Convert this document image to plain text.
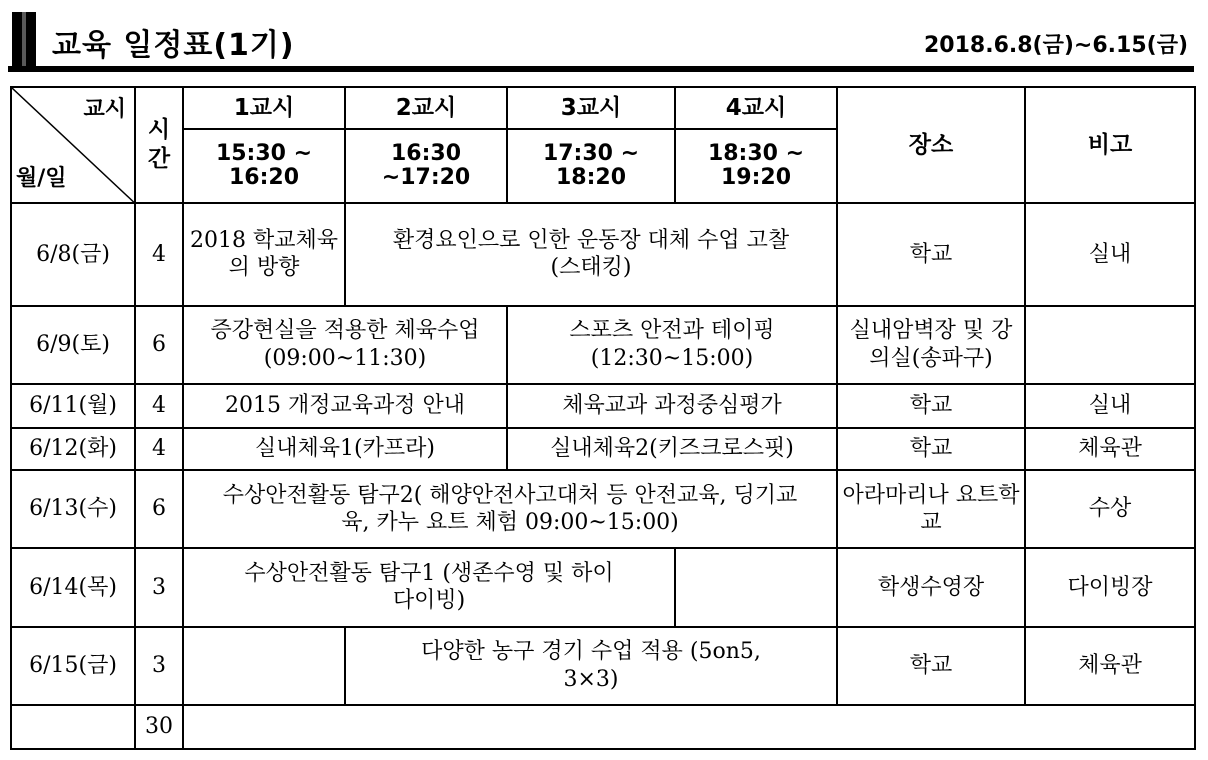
교육 일정표(1기)	2018.6.8(금)~6.15(금)
교시
월/일	시간	1교시	2교시	3교시	4교시	장소	비고
		15:30 ~ 16:20	16:30 ~17:20	17:30 ~ 18:20	18:30 ~ 19:20		
6/8(금)	4	2018 학교체육의 방향	환경요인으로 인한 운동장 대체 수업 고찰(스태킹)			학교	실내
6/9(토)	6	증강현실을 적용한 체육수업(09:00~11:30)		스포츠 안전과 테이핑 (12:30~15:00)		실내암벽장 및 강의실(송파구)	
6/11(월)	4	2015 개정교육과정 안내		체육교과 과정중심평가		학교	실내
6/12(화)	4	실내체육1(카프라)		실내체육2(키즈크로스핏)		학교	체육관
6/13(수)	6	수상안전활동 탐구2( 해양안전사고대처 등 안전교육, 딩기교육, 카누 요트 체험 09:00~15:00)				아라마리나 요트학교	수상
6/14(목)	3	수상안전활동 탐구1 (생존수영 및 하이다이빙)				학생수영장	다이빙장
6/15(금)	3		다양한 농구 경기 수업 적용 (5on5, 3×3)			학교	체육관
	30						
